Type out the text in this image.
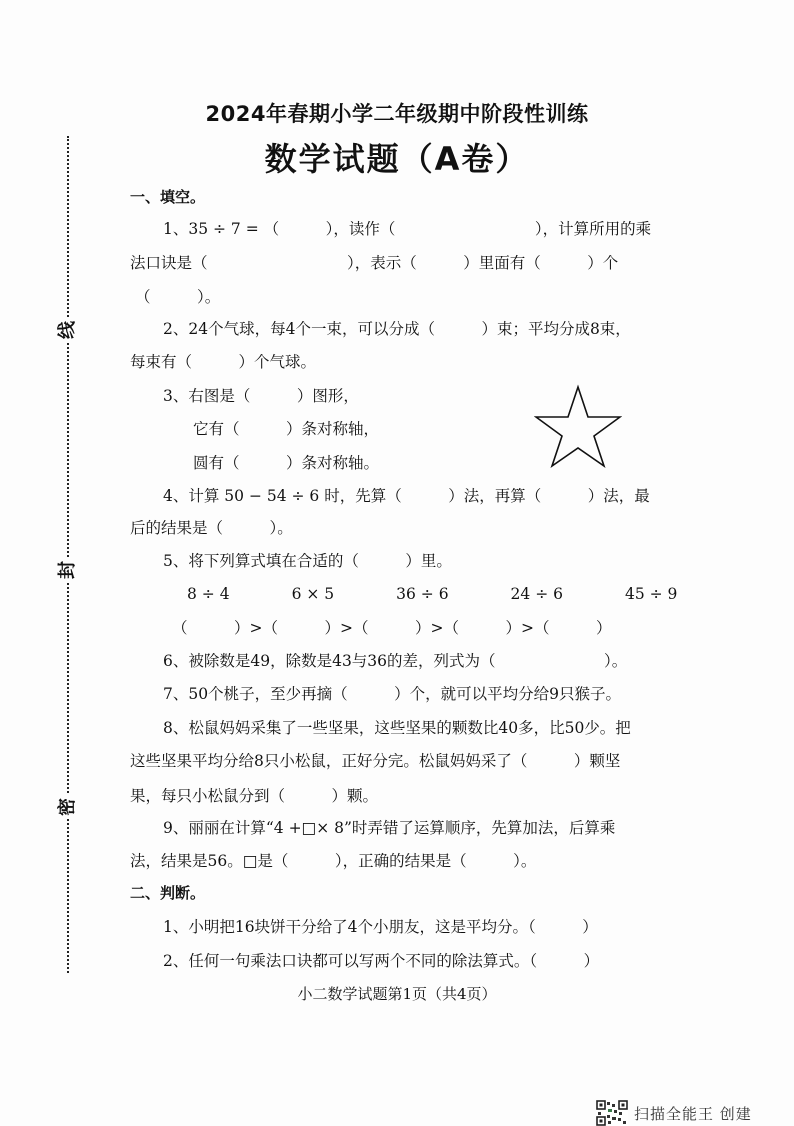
线
封
密
2024年春期小学二年级期中阶段性训练
数学试题（A卷）
一、填空。
1、35 ÷ 7 = （　　　），读作（　　　　　　　　　），计算所用的乘
法口诀是（　　　　　　　　　），表示（　　　）里面有（　　　）个
（　　　）。
2、24个气球，每4个一束，可以分成（　　　）束；平均分成8束，
每束有（　　　）个气球。
3、右图是（　　　）图形，
它有（　　　）条对称轴，
圆有（　　　）条对称轴。
4、计算 50 − 54 ÷ 6 时，先算（　　　）法，再算（　　　）法，最
后的结果是（　　　）。
5、将下列算式填在合适的（　　　）里。
8 ÷ 4　　　　6 × 5　　　　36 ÷ 6　　　　24 ÷ 6　　　　45 ÷ 9
（　　　）>（　　　）>（　　　）>（　　　）>（　　　）
6、被除数是49，除数是43与36的差，列式为（　　　　　　　）。
7、50个桃子，至少再摘（　　　）个，就可以平均分给9只猴子。
8、松鼠妈妈采集了一些坚果，这些坚果的颗数比40多，比50少。把
这些坚果平均分给8只小松鼠，正好分完。松鼠妈妈采了（　　　）颗坚
果，每只小松鼠分到（　　　）颗。
9、丽丽在计算“4 +□× 8”时弄错了运算顺序，先算加法，后算乘
法，结果是56。□是（　　　），正确的结果是（　　　）。
二、判断。
1、小明把16块饼干分给了4个小朋友，这是平均分。（　　　）
2、任何一句乘法口诀都可以写两个不同的除法算式。（　　　）
小二数学试题第1页（共4页）
扫描全能王 创建
